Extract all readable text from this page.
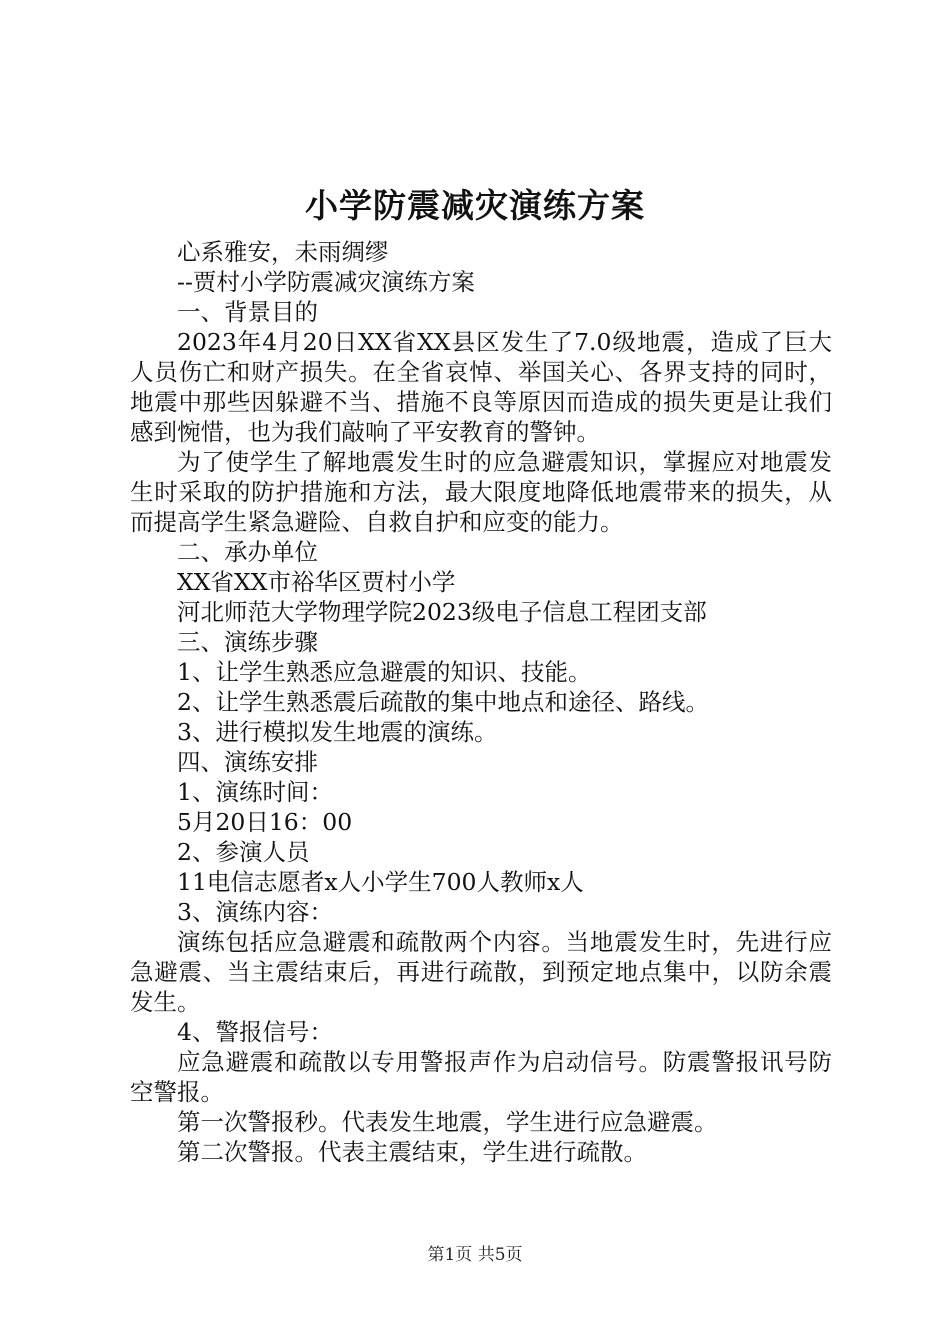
小学防震减灾演练方案

心系雅安，未雨绸缪

--贾村小学防震减灾演练方案

一、背景目的

2023年4月20日XX省XX县区发生了7.0级地震，造成了巨大人员伤亡和财产损失。在全省哀悼、举国关心、各界支持的同时，地震中那些因躲避不当、措施不良等原因而造成的损失更是让我们感到惋惜，也为我们敲响了平安教育的警钟。

为了使学生了解地震发生时的应急避震知识，掌握应对地震发生时采取的防护措施和方法，最大限度地降低地震带来的损失，从而提高学生紧急避险、自救自护和应变的能力。

二、承办单位

XX省XX市裕华区贾村小学

河北师范大学物理学院2023级电子信息工程团支部

三、演练步骤

1、让学生熟悉应急避震的知识、技能。

2、让学生熟悉震后疏散的集中地点和途径、路线。

3、进行模拟发生地震的演练。

四、演练安排

1、演练时间：

5月20日16：00

2、参演人员

11电信志愿者x人小学生700人教师x人

3、演练内容：

演练包括应急避震和疏散两个内容。当地震发生时，先进行应急避震、当主震结束后，再进行疏散，到预定地点集中，以防余震发生。

4、警报信号：

应急避震和疏散以专用警报声作为启动信号。防震警报讯号防空警报。

第一次警报秒。代表发生地震，学生进行应急避震。

第二次警报。代表主震结束，学生进行疏散。

第1页 共5页
